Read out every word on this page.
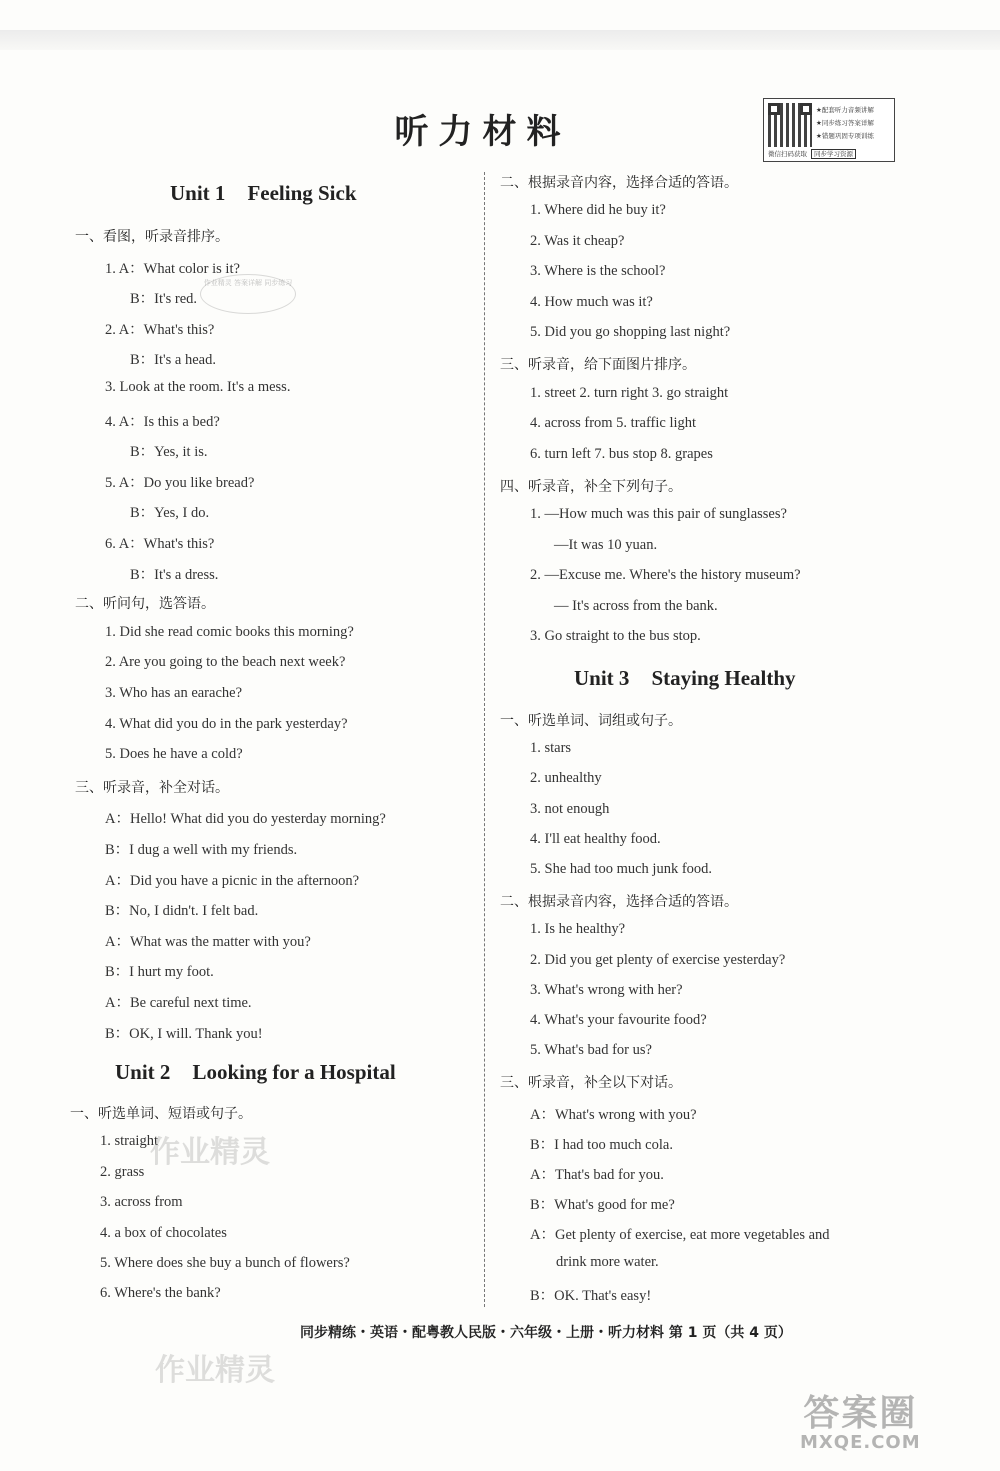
听力材料
★配套听力音频讲解
★同步练习答案详解
★错题巩固专项训练
微信扫码获取 同步学习资源
Unit 1 Feeling Sick
一、看图，听录音排序。
1. A：What color is it?
B：It's red.
2. A：What's this?
B：It's a head.
3. Look at the room. It's a mess.
4. A：Is this a bed?
B：Yes, it is.
5. A：Do you like bread?
B：Yes, I do.
6. A：What's this?
B：It's a dress.
二、听问句，选答语。
1. Did she read comic books this morning?
2. Are you going to the beach next week?
3. Who has an earache?
4. What did you do in the park yesterday?
5. Does he have a cold?
三、听录音，补全对话。
A：Hello! What did you do yesterday morning?
B：I dug a well with my friends.
A：Did you have a picnic in the afternoon?
B：No, I didn't. I felt bad.
A：What was the matter with you?
B：I hurt my foot.
A：Be careful next time.
B：OK, I will. Thank you!
Unit 2 Looking for a Hospital
一、听选单词、短语或句子。
1. straight
2. grass
3. across from
4. a box of chocolates
5. Where does she buy a bunch of flowers?
6. Where's the bank?
二、根据录音内容，选择合适的答语。
1. Where did he buy it?
2. Was it cheap?
3. Where is the school?
4. How much was it?
5. Did you go shopping last night?
三、听录音，给下面图片排序。
1. street 2. turn right 3. go straight
4. across from 5. traffic light
6. turn left 7. bus stop 8. grapes
四、听录音，补全下列句子。
1. —How much was this pair of sunglasses?
—It was 10 yuan.
2. —Excuse me. Where's the history museum?
— It's across from the bank.
3. Go straight to the bus stop.
Unit 3 Staying Healthy
一、听选单词、词组或句子。
1. stars
2. unhealthy
3. not enough
4. I'll eat healthy food.
5. She had too much junk food.
二、根据录音内容，选择合适的答语。
1. Is he healthy?
2. Did you get plenty of exercise yesterday?
3. What's wrong with her?
4. What's your favourite food?
5. What's bad for us?
三、听录音，补全以下对话。
A：What's wrong with you?
B：I had too much cola.
A：That's bad for you.
B：What's good for me?
A：Get plenty of exercise, eat more vegetables and
drink more water.
B：OK. That's easy!
同步精练・英语・配粤教人民版・六年级・上册・听力材料 第 1 页（共 4 页）
作业精灵 答案详解 同步练习
作业精灵
作业精灵
答案圈
MXQE.COM
